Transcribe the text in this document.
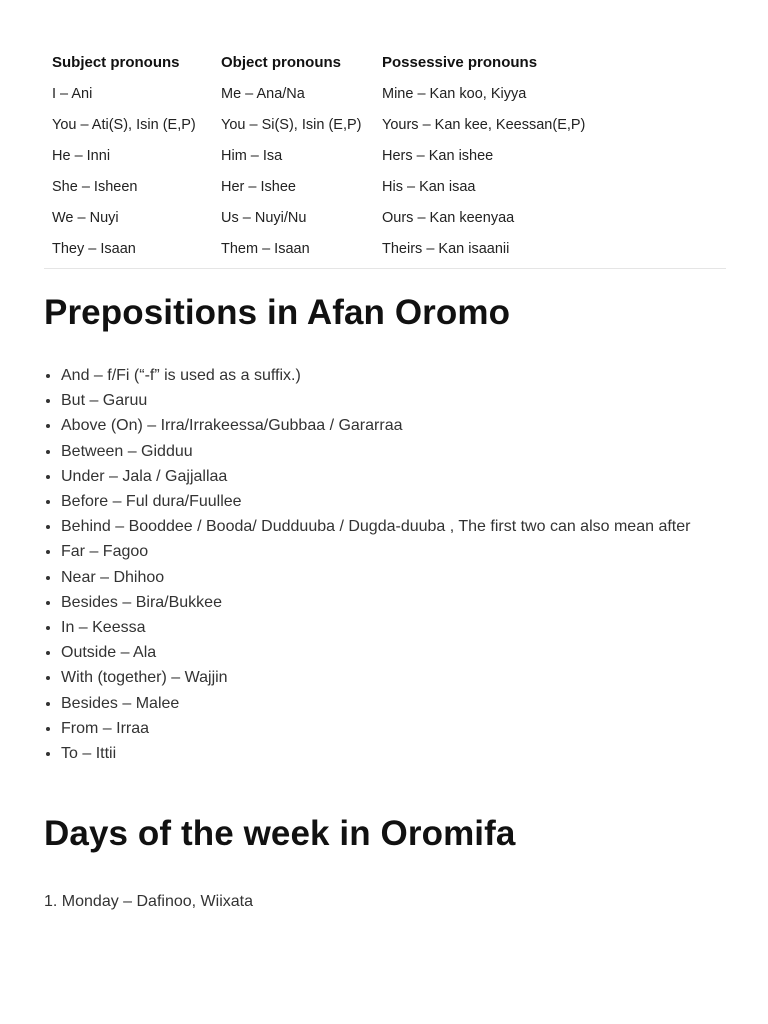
Subject pronouns	Object pronouns	Possessive pronouns
I – Ani	Me – Ana/Na	Mine – Kan koo, Kiyya
You – Ati(S), Isin (E,P)	You – Si(S), Isin (E,P)	Yours – Kan kee, Keessan(E,P)
He – Inni	Him – Isa	Hers – Kan ishee
She – Isheen	Her – Ishee	His – Kan isaa
We – Nuyi	Us – Nuyi/Nu	Ours – Kan keenyaa
They – Isaan	Them – Isaan	Theirs – Kan isaanii
Prepositions in Afan Oromo
• And – f/Fi (“-f” is used as a suffix.)
• But – Garuu
• Above (On) – Irra/Irrakeessa/Gubbaa / Gararraa
• Between – Gidduu
• Under – Jala / Gajjallaa
• Before – Ful dura/Fuullee
• Behind – Booddee / Booda/ Dudduuba / Dugda-duuba , The first two can also mean after
• Far – Fagoo
• Near – Dhihoo
• Besides – Bira/Bukkee
• In – Keessa
• Outside – Ala
• With (together) – Wajjin
• Besides – Malee
• From – Irraa
• To – Ittii
Days of the week in Oromifa
1. Monday – Dafinoo, Wiixata
